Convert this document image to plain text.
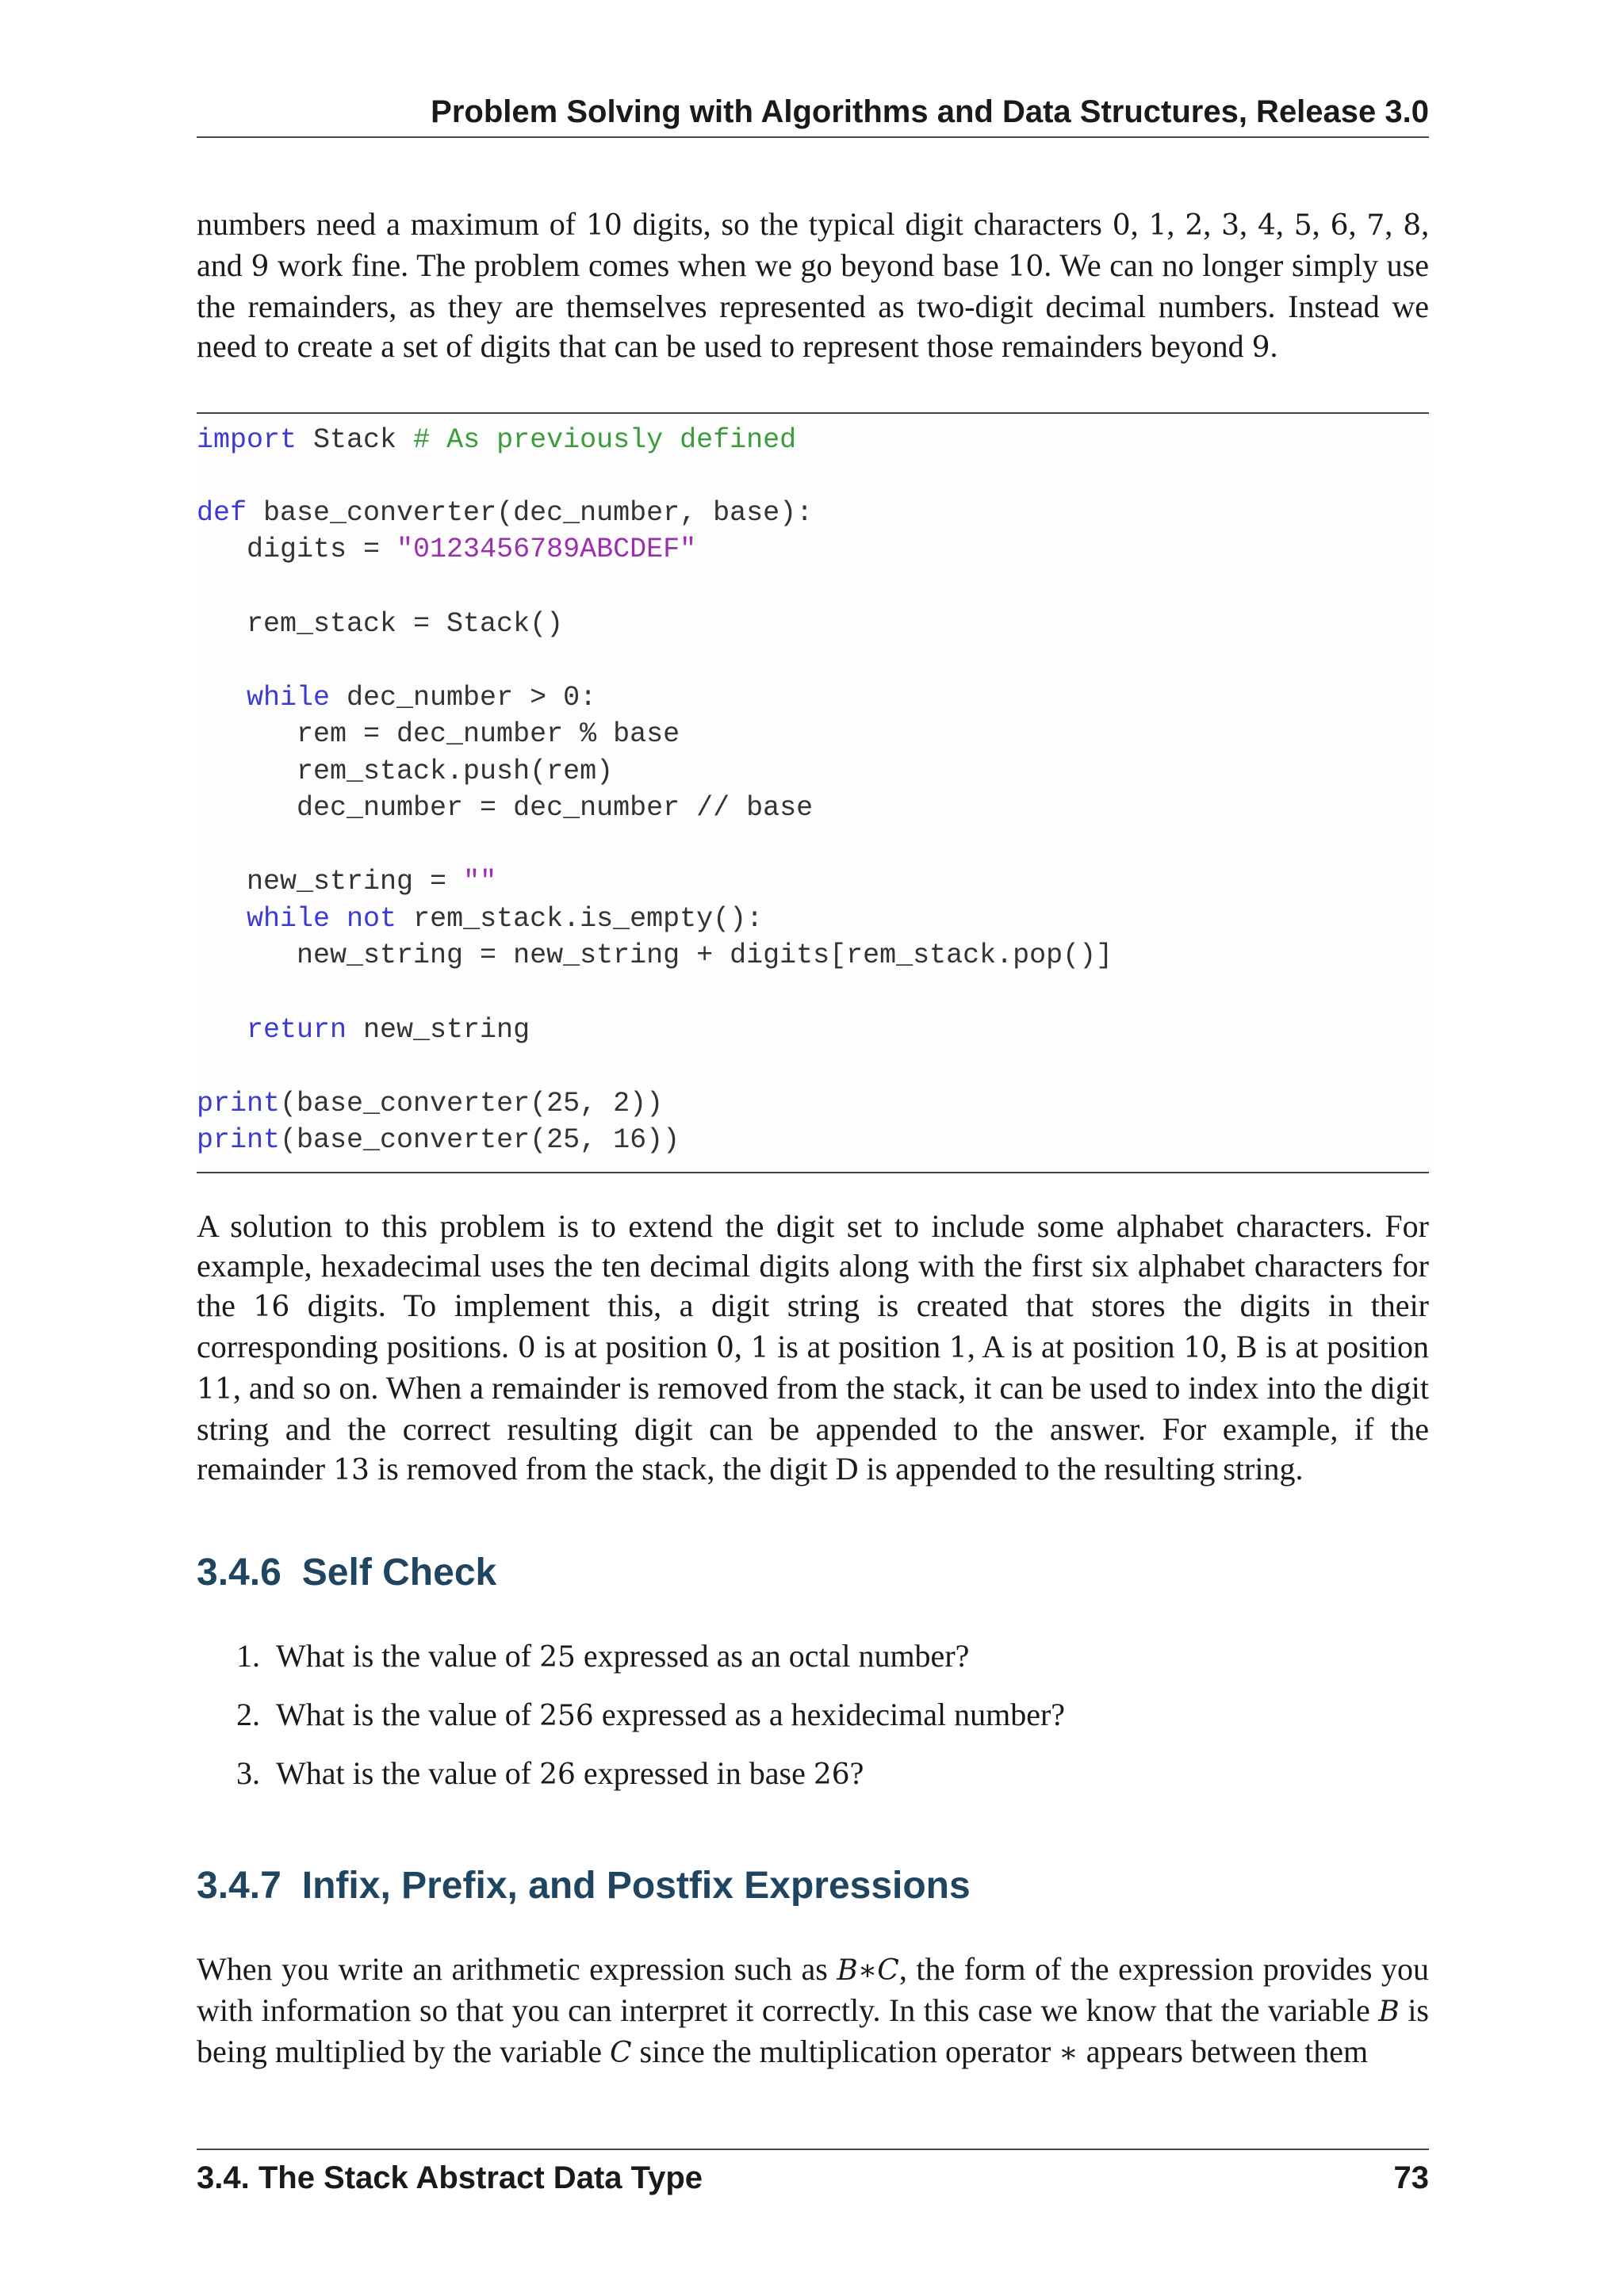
Problem Solving with Algorithms and Data Structures, Release 3.0

numbers need a maximum of 10 digits, so the typical digit characters 0, 1, 2, 3, 4, 5, 6, 7, 8, and 9 work fine. The problem comes when we go beyond base 10. We can no longer simply use the remainders, as they are themselves represented as two-digit decimal numbers. Instead we need to create a set of digits that can be used to represent those remainders beyond 9.

import Stack # As previously defined
def base_converter(dec_number, base):
digits = "0123456789ABCDEF"
rem_stack = Stack()
while dec_number > 0:
rem = dec_number % base
rem_stack.push(rem)
dec_number = dec_number // base
new_string = ""
while not rem_stack.is_empty():
new_string = new_string + digits[rem_stack.pop()]
return new_string
print(base_converter(25, 2))
print(base_converter(25, 16))

A solution to this problem is to extend the digit set to include some alphabet characters. For example, hexadecimal uses the ten decimal digits along with the first six alphabet characters for the 16 digits. To implement this, a digit string is created that stores the digits in their corresponding positions. 0 is at position 0, 1 is at position 1, A is at position 10, B is at position 11, and so on. When a remainder is removed from the stack, it can be used to index into the digit string and the correct resulting digit can be appended to the answer. For example, if the remainder 13 is removed from the stack, the digit D is appended to the resulting string.

3.4.6 Self Check
1. What is the value of 25 expressed as an octal number?
2. What is the value of 256 expressed as a hexidecimal number?
3. What is the value of 26 expressed in base 26?
3.4.7 Infix, Prefix, and Postfix Expressions

When you write an arithmetic expression such as B∗C, the form of the expression provides you with information so that you can interpret it correctly. In this case we know that the variable B is being multiplied by the variable C since the multiplication operator ∗ appears between them

3.4. The Stack Abstract Data Type	73
